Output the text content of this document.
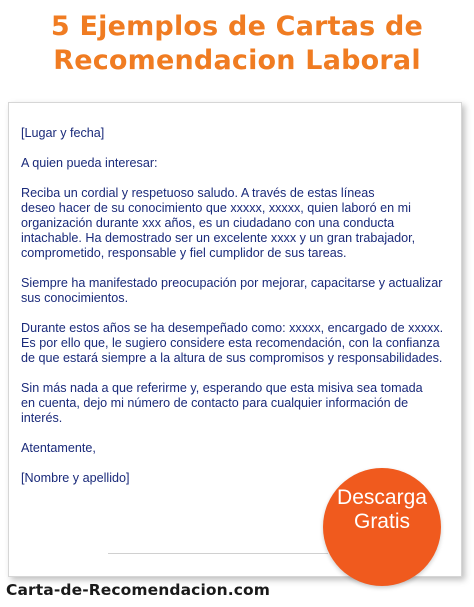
5 Ejemplos de Cartas de
Recomendacion Laboral

[Lugar y fecha]

A quien pueda interesar:

Reciba un cordial y respetuoso saludo. A través de estas líneas
deseo hacer de su conocimiento que xxxxx, xxxxx, quien laboró en mi
organización durante xxx años, es un ciudadano con una conducta
intachable. Ha demostrado ser un excelente xxxx y un gran trabajador,
comprometido, responsable y fiel cumplidor de sus tareas.

Siempre ha manifestado preocupación por mejorar, capacitarse y actualizar
sus conocimientos.

Durante estos años se ha desempeñado como: xxxxx, encargado de xxxxx.
Es por ello que, le sugiero considere esta recomendación, con la confianza
de que estará siempre a la altura de sus compromisos y responsabilidades.

Sin más nada a que referirme y, esperando que esta misiva sea tomada
en cuenta, dejo mi número de contacto para cualquier información de
interés.

Atentamente,

[Nombre y apellido]

Descarga
Gratis
Carta-de-Recomendacion.com
